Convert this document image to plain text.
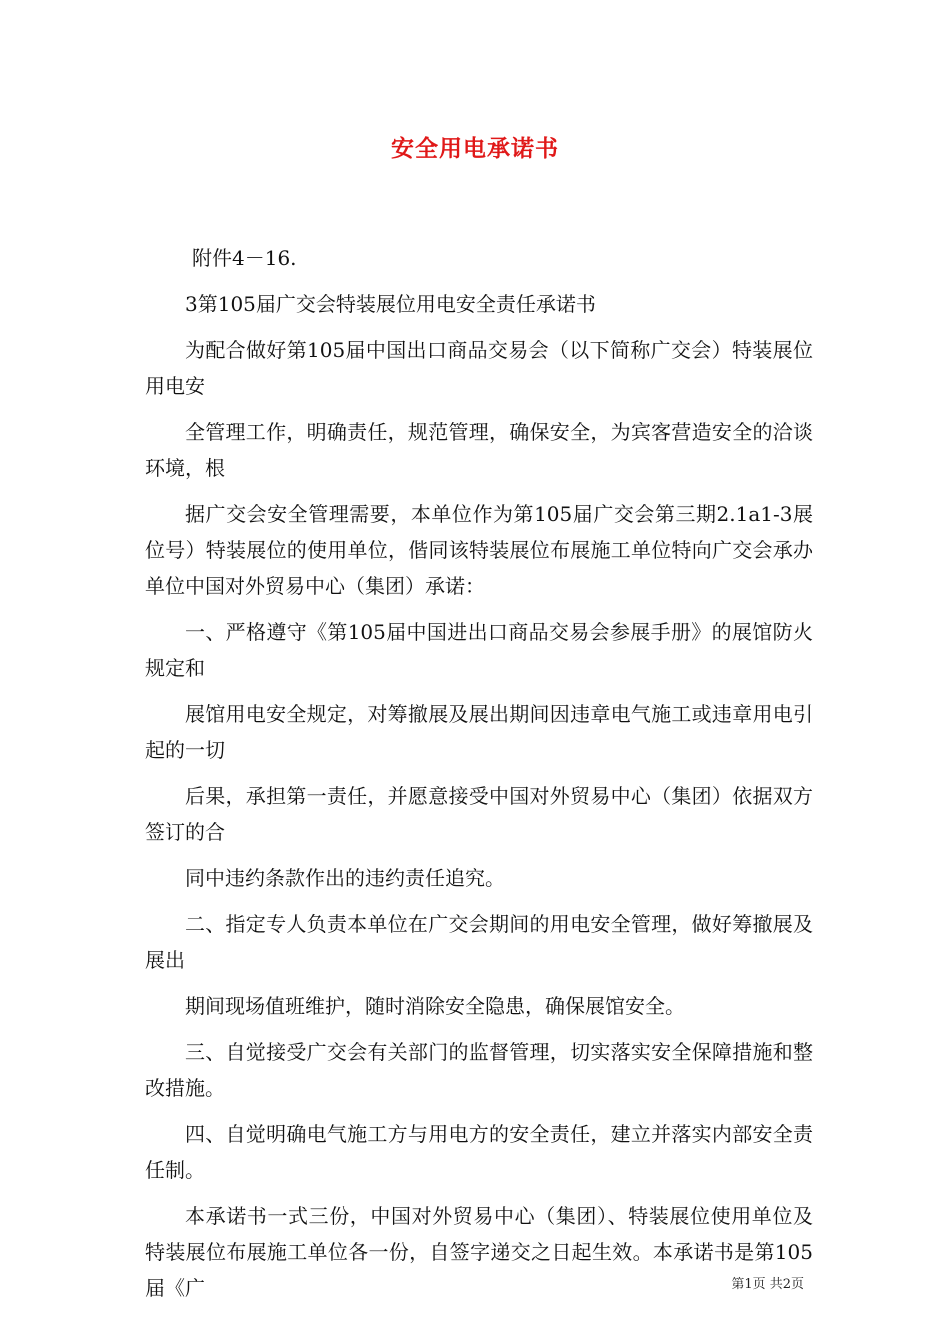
安全用电承诺书

附件4－16.

3第105届广交会特装展位用电安全责任承诺书

为配合做好第105届中国出口商品交易会（以下简称广交会）特装展位用电安

全管理工作，明确责任，规范管理，确保安全，为宾客营造安全的洽谈环境，根

据广交会安全管理需要，本单位作为第105届广交会第三期2.1a1-3展位号）特装展位的使用单位，偕同该特装展位布展施工单位特向广交会承办单位中国对外贸易中心（集团）承诺：

一、严格遵守《第105届中国进出口商品交易会参展手册》的展馆防火规定和

展馆用电安全规定，对筹撤展及展出期间因违章电气施工或违章用电引起的一切

后果，承担第一责任，并愿意接受中国对外贸易中心（集团）依据双方签订的合

同中违约条款作出的违约责任追究。

二、指定专人负责本单位在广交会期间的用电安全管理，做好筹撤展及展出

期间现场值班维护，随时消除安全隐患，确保展馆安全。

三、自觉接受广交会有关部门的监督管理，切实落实安全保障措施和整改措施。

四、自觉明确电气施工方与用电方的安全责任，建立并落实内部安全责任制。

本承诺书一式三份，中国对外贸易中心（集团）、特装展位使用单位及特装展位布展施工单位各一份，自签字递交之日起生效。本承诺书是第105届《广	第1页 共2页
